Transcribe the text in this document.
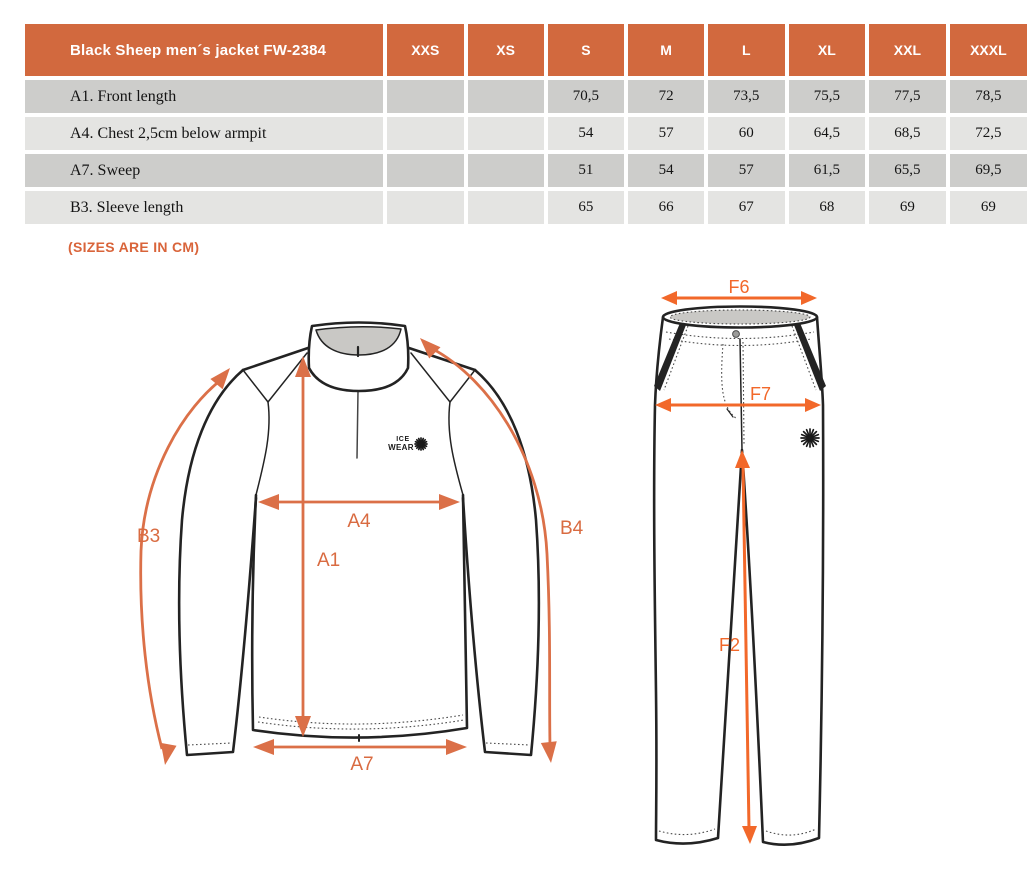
Black Sheep men´s jacket FW-2384	XXS	XS	S	M	L	XL	XXL	XXXL
A1. Front length			70,5	72	73,5	75,5	77,5	78,5
A4. Chest 2,5cm below armpit			54	57	60	64,5	68,5	72,5
A7. Sweep			51	54	57	61,5	65,5	69,5
B3. Sleeve length			65	66	67	68	69	69
(SIZES ARE IN CM)
ICE
WEAR
B3	B4
A4
A1
A7
F6
F7
F2
